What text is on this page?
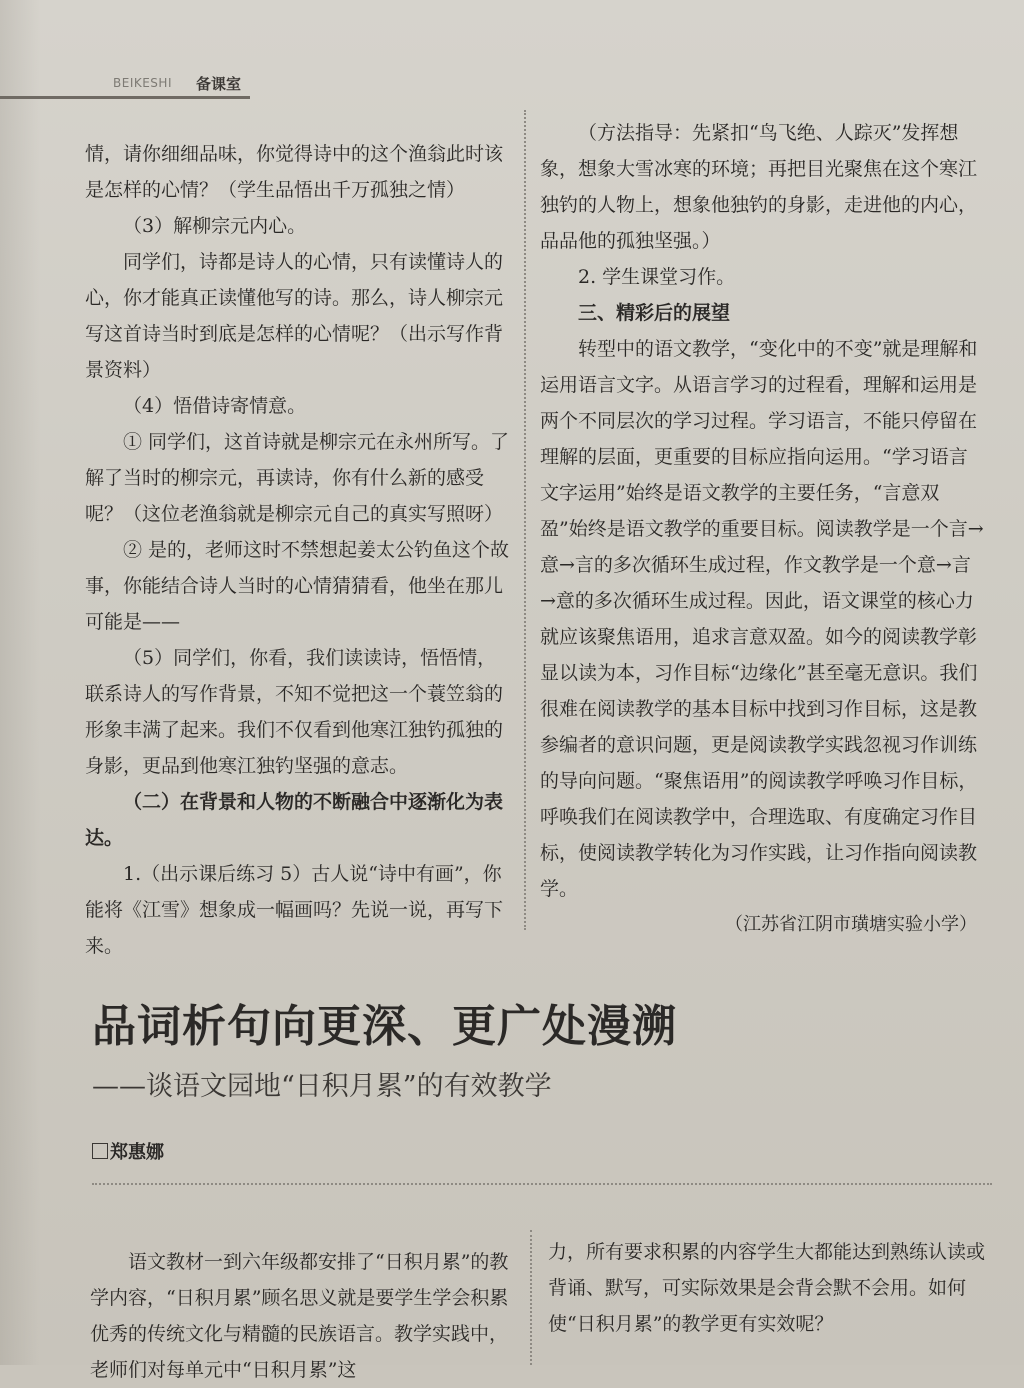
BEIKESHI 备课室

情，请你细细品味，你觉得诗中的这个渔翁此时该是怎样的心情？（学生品悟出千万孤独之情）

（3）解柳宗元内心。

同学们，诗都是诗人的心情，只有读懂诗人的心，你才能真正读懂他写的诗。那么，诗人柳宗元写这首诗当时到底是怎样的心情呢？（出示写作背景资料）

（4）悟借诗寄情意。

① 同学们，这首诗就是柳宗元在永州所写。了解了当时的柳宗元，再读诗，你有什么新的感受呢？（这位老渔翁就是柳宗元自己的真实写照呀）

② 是的，老师这时不禁想起姜太公钓鱼这个故事，你能结合诗人当时的心情猜猜看，他坐在那儿可能是——

（5）同学们，你看，我们读读诗，悟悟情，联系诗人的写作背景，不知不觉把这一个蓑笠翁的形象丰满了起来。我们不仅看到他寒江独钓孤独的身影，更品到他寒江独钓坚强的意志。

（二）在背景和人物的不断融合中逐渐化为表达。

1.（出示课后练习 5）古人说“诗中有画”，你能将《江雪》想象成一幅画吗？先说一说，再写下来。

（方法指导：先紧扣“鸟飞绝、人踪灭”发挥想象，想象大雪冰寒的环境；再把目光聚焦在这个寒江独钓的人物上，想象他独钓的身影，走进他的内心，品品他的孤独坚强。）

2. 学生课堂习作。

三、精彩后的展望

转型中的语文教学，“变化中的不变”就是理解和运用语言文字。从语言学习的过程看，理解和运用是两个不同层次的学习过程。学习语言，不能只停留在理解的层面，更重要的目标应指向运用。“学习语言文字运用”始终是语文教学的主要任务，“言意双盈”始终是语文教学的重要目标。阅读教学是一个言→意→言的多次循环生成过程，作文教学是一个意→言→意的多次循环生成过程。因此，语文课堂的核心力就应该聚焦语用，追求言意双盈。如今的阅读教学彰显以读为本，习作目标“边缘化”甚至毫无意识。我们很难在阅读教学的基本目标中找到习作目标，这是教参编者的意识问题，更是阅读教学实践忽视习作训练的导向问题。“聚焦语用”的阅读教学呼唤习作目标，呼唤我们在阅读教学中，合理选取、有度确定习作目标，使阅读教学转化为习作实践，让习作指向阅读教学。

（江苏省江阴市璜塘实验小学）

品词析句向更深、更广处漫溯
——谈语文园地“日积月累”的有效教学
郑惠娜

语文教材一到六年级都安排了“日积月累”的教学内容，“日积月累”顾名思义就是要学生学会积累优秀的传统文化与精髓的民族语言。教学实践中，老师们对每单元中“日积月累”这

力，所有要求积累的内容学生大都能达到熟练认读或背诵、默写，可实际效果是会背会默不会用。如何使“日积月累”的教学更有实效呢？
